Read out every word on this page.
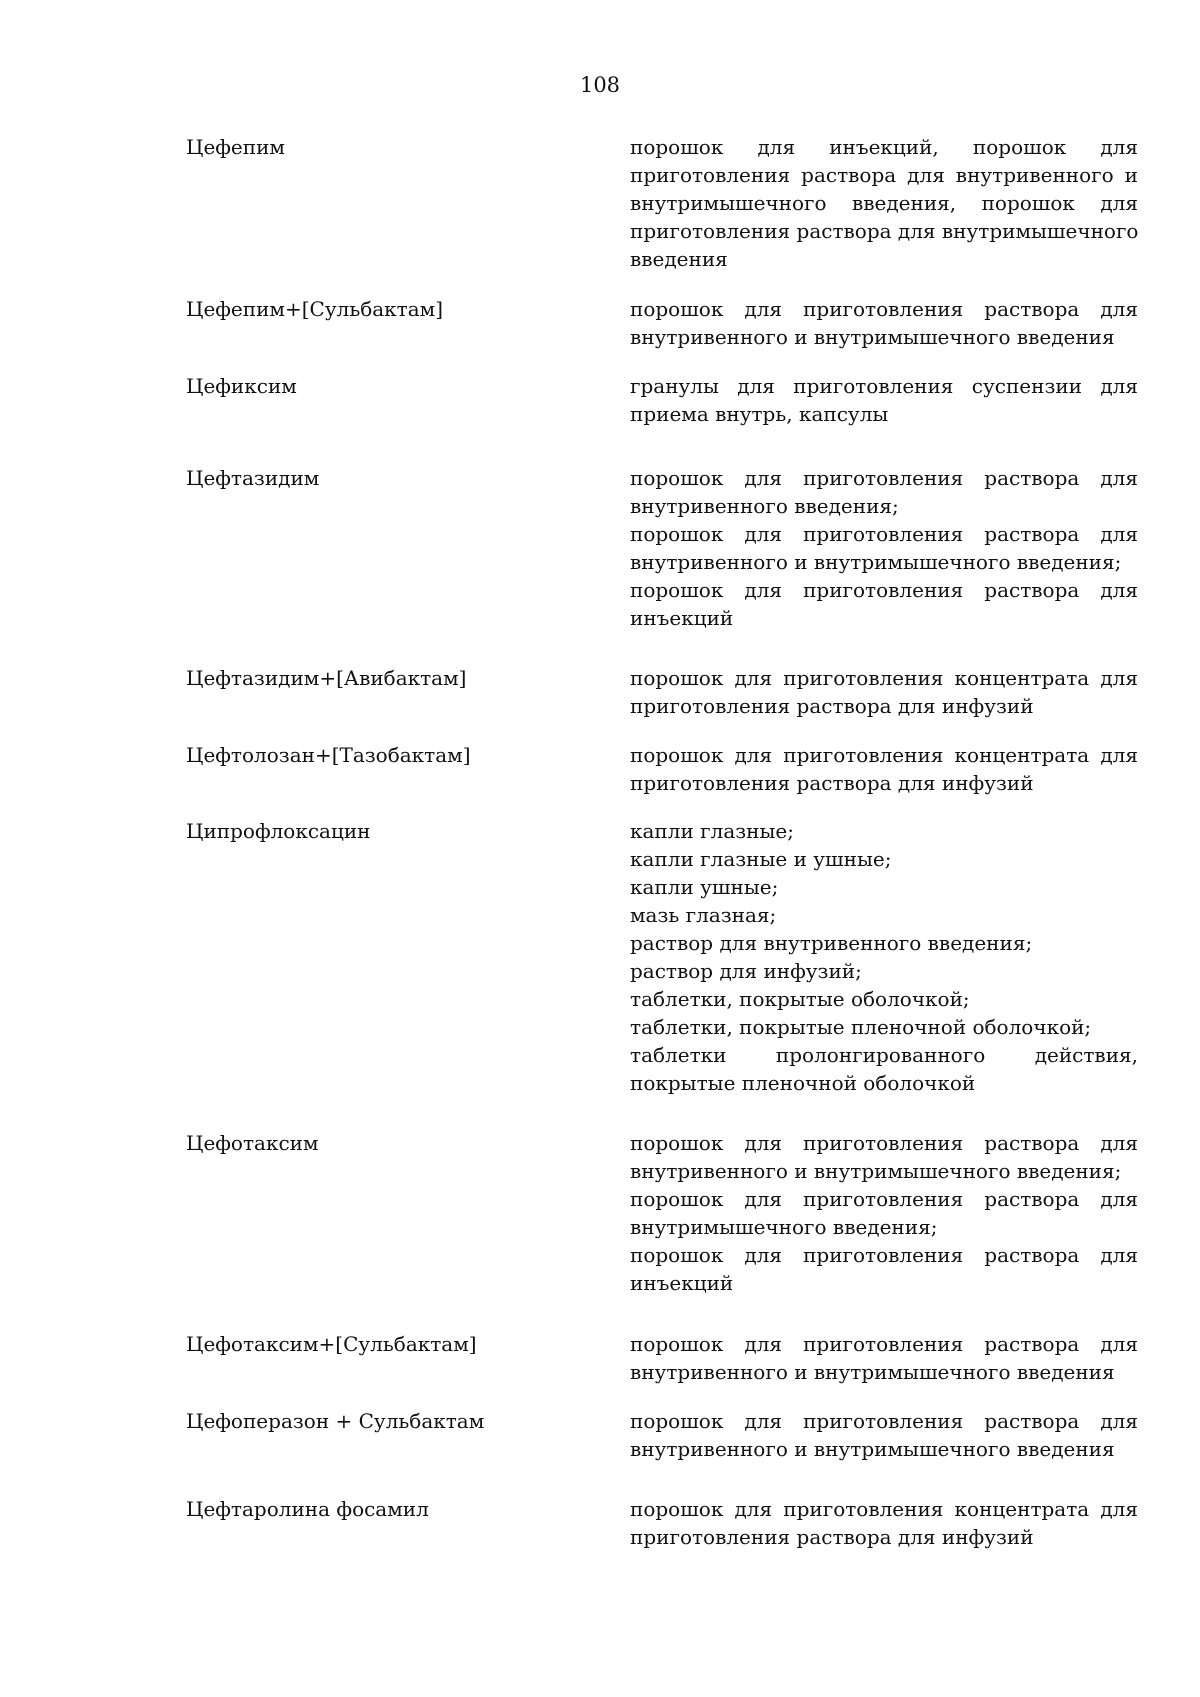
108
Цефепим	порошок для инъекций, порошок для
приготовления раствора для внутривенного и
внутримышечного введения, порошок для
приготовления раствора для внутримышечного
введения
Цефепим+[Сульбактам]	порошок для приготовления раствора для
внутривенного и внутримышечного введения
Цефиксим	гранулы для приготовления суспензии для
приема внутрь, капсулы
Цефтазидим	порошок для приготовления раствора для
внутривенного введения;
порошок для приготовления раствора для
внутривенного и внутримышечного введения;
порошок для приготовления раствора для
инъекций
Цефтазидим+[Авибактам]	порошок для приготовления концентрата для
приготовления раствора для инфузий
Цефтолозан+[Тазобактам]	порошок для приготовления концентрата для
приготовления раствора для инфузий
Ципрофлоксацин	капли глазные;
капли глазные и ушные;
капли ушные;
мазь глазная;
раствор для внутривенного введения;
раствор для инфузий;
таблетки, покрытые оболочкой;
таблетки, покрытые пленочной оболочкой;
таблетки пролонгированного действия,
покрытые пленочной оболочкой
Цефотаксим	порошок для приготовления раствора для
внутривенного и внутримышечного введения;
порошок для приготовления раствора для
внутримышечного введения;
порошок для приготовления раствора для
инъекций
Цефотаксим+[Сульбактам]	порошок для приготовления раствора для
внутривенного и внутримышечного введения
Цефоперазон + Сульбактам	порошок для приготовления раствора для
внутривенного и внутримышечного введения
Цефтаролина фосамил	порошок для приготовления концентрата для
приготовления раствора для инфузий
